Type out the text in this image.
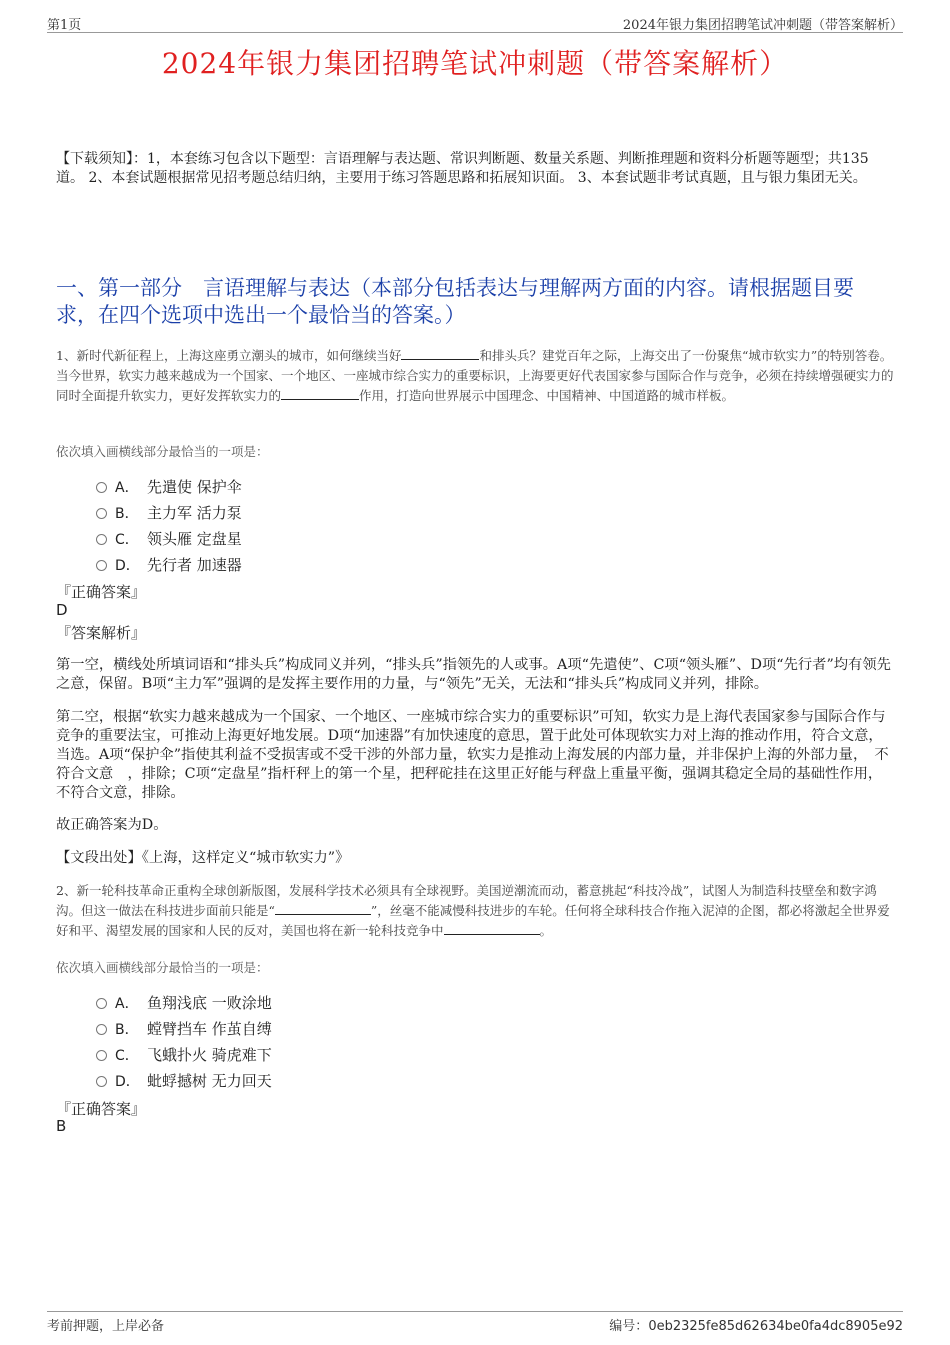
第1页	2024年银力集团招聘笔试冲刺题（带答案解析）
2024年银力集团招聘笔试冲刺题（带答案解析）
【下载须知】：1，本套练习包含以下题型：言语理解与表达题、常识判断题、数量关系题、判断推理题和资料分析题等题型；共135道。 2、本套试题根据常见招考题总结归纳，主要用于练习答题思路和拓展知识面。 3、本套试题非考试真题，且与银力集团无关。
一、第一部分　言语理解与表达（本部分包括表达与理解两方面的内容。请根据题目要求，在四个选项中选出一个最恰当的答案。）
1、新时代新征程上，上海这座勇立潮头的城市，如何继续当好	和排头兵？建党百年之际，上海交出了一份聚焦“城市软实力”的特别答卷。当今世界，软实力越来越成为一个国家、一个地区、一座城市综合实力的重要标识，上海要更好代表国家参与国际合作与竞争，必须在持续增强硬实力的同时全面提升软实力，更好发挥软实力的	作用，打造向世界展示中国理念、中国精神、中国道路的城市样板。
依次填入画横线部分最恰当的一项是：
A． 先遣使 保护伞
B． 主力军 活力泵
C． 领头雁 定盘星
D． 先行者 加速器
『正确答案』
D
『答案解析』
第一空，横线处所填词语和“排头兵”构成同义并列，“排头兵”指领先的人或事。A项“先遣使”、C项“领头雁”、D项“先行者”均有领先之意，保留。B项“主力军”强调的是发挥主要作用的力量，与“领先”无关，无法和“排头兵”构成同义并列，排除。
第二空，根据“软实力越来越成为一个国家、一个地区、一座城市综合实力的重要标识”可知，软实力是上海代表国家参与国际合作与竞争的重要法宝，可推动上海更好地发展。D项“加速器”有加快速度的意思，置于此处可体现软实力对上海的推动作用，符合文意，当选。A项“保护伞”指使其利益不受损害或不受干涉的外部力量，软实力是推动上海发展的内部力量，并非保护上海的外部力量，　不符合文意　，排除；C项“定盘星”指杆秤上的第一个星，把秤砣挂在这里正好能与秤盘上重量平衡，强调其稳定全局的基础性作用，不符合文意，排除。
故正确答案为D。
【文段出处】《上海，这样定义“城市软实力”》
2、新一轮科技革命正重构全球创新版图，发展科学技术必须具有全球视野。美国逆潮流而动，蓄意挑起“科技冷战”，试图人为制造科技壁垒和数字鸿沟。但这一做法在科技进步面前只能是“	”，丝毫不能减慢科技进步的车轮。任何将全球科技合作拖入泥淖的企图，都必将激起全世界爱好和平、渴望发展的国家和人民的反对，美国也将在新一轮科技竞争中	。
依次填入画横线部分最恰当的一项是：
A． 鱼翔浅底 一败涂地
B． 螳臂挡车 作茧自缚
C． 飞蛾扑火 骑虎难下
D． 蚍蜉撼树 无力回天
『正确答案』
B
考前押题，上岸必备	编号：0eb2325fe85d62634be0fa4dc8905e92
